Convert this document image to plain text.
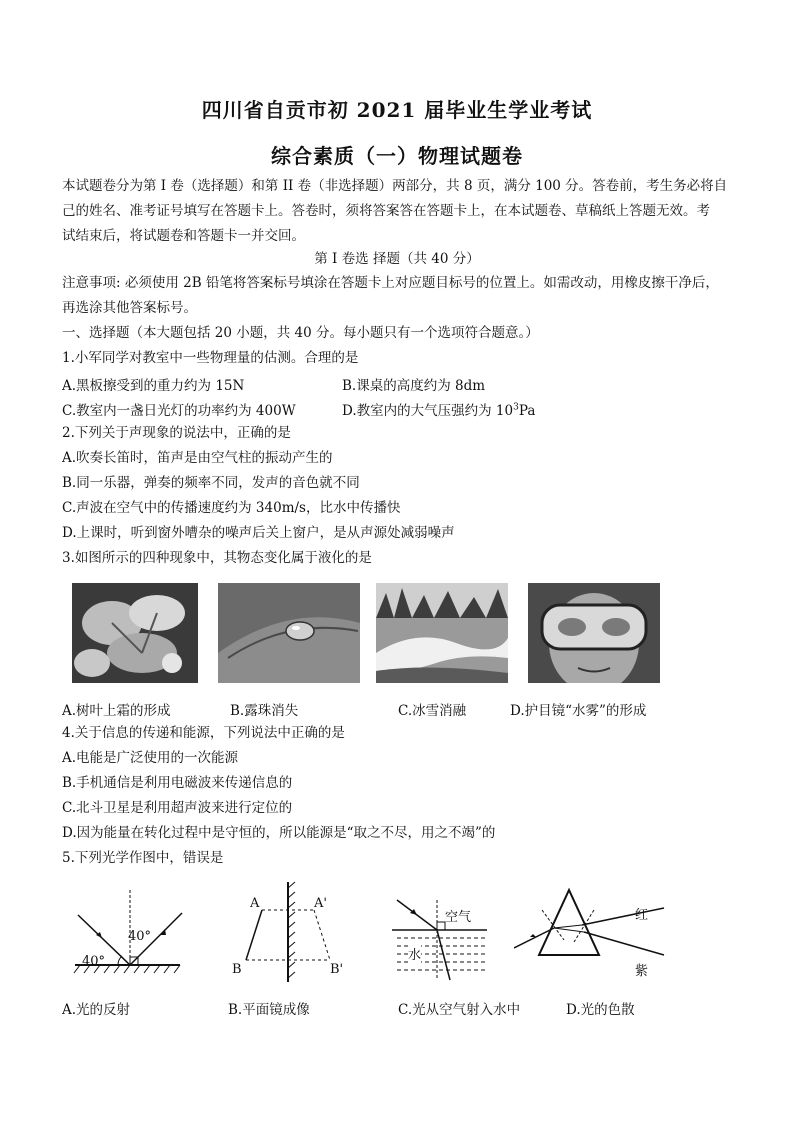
四川省自贡市初 2021 届毕业生学业考试
综合素质（一）物理试题卷
本试题卷分为第 I 卷（选择题）和第 II 卷（非选择题）两部分，共 8 页，满分 100 分。答卷前，考生务必将自
己的姓名、准考证号填写在答题卡上。答卷时，须将答案答在答题卡上，在本试题卷、草稿纸上答题无效。考
试结束后，将试题卷和答题卡一并交回。
第 I 卷选 择题（共 40 分）
注意事项: 必须使用 2B 铅笔将答案标号填涂在答题卡上对应题目标号的位置上。如需改动，用橡皮擦干净后，
再选涂其他答案标号。
一、选择题（本大题包括 20 小题，共 40 分。每小题只有一个选项符合题意。）
1.小军同学对教室中一些物理量的估测。合理的是
A.黑板擦受到的重力约为 15N	B.课桌的高度约为 8dm
C.教室内一盏日光灯的功率约为 400W	D.教室内的大气压强约为 $10^3Pa$
2.下列关于声现象的说法中，正确的是
A.吹奏长笛时，笛声是由空气柱的振动产生的
B.同一乐器，弹奏的频率不同，发声的音色就不同
C.声波在空气中的传播速度约为 340m/s，比水中传播快
D.上课时，听到窗外嘈杂的噪声后关上窗户，是从声源处减弱噪声
3.如图所示的四种现象中，其物态变化属于液化的是
A.树叶上霜的形成	B.露珠消失	C.冰雪消融	D.护目镜“水雾”的形成
4.关于信息的传递和能源，下列说法中正确的是
A.电能是广泛使用的一次能源
B.手机通信是利用电磁波来传递信息的
C.北斗卫星是利用超声波来进行定位的
D.因为能量在转化过程中是守恒的，所以能源是“取之不尽，用之不竭”的
5.下列光学作图中，错误是
40°
40°
A	A'
B	B'
空气
水
红
紫
A.光的反射	B.平面镜成像	C.光从空气射入水中	D.光的色散
